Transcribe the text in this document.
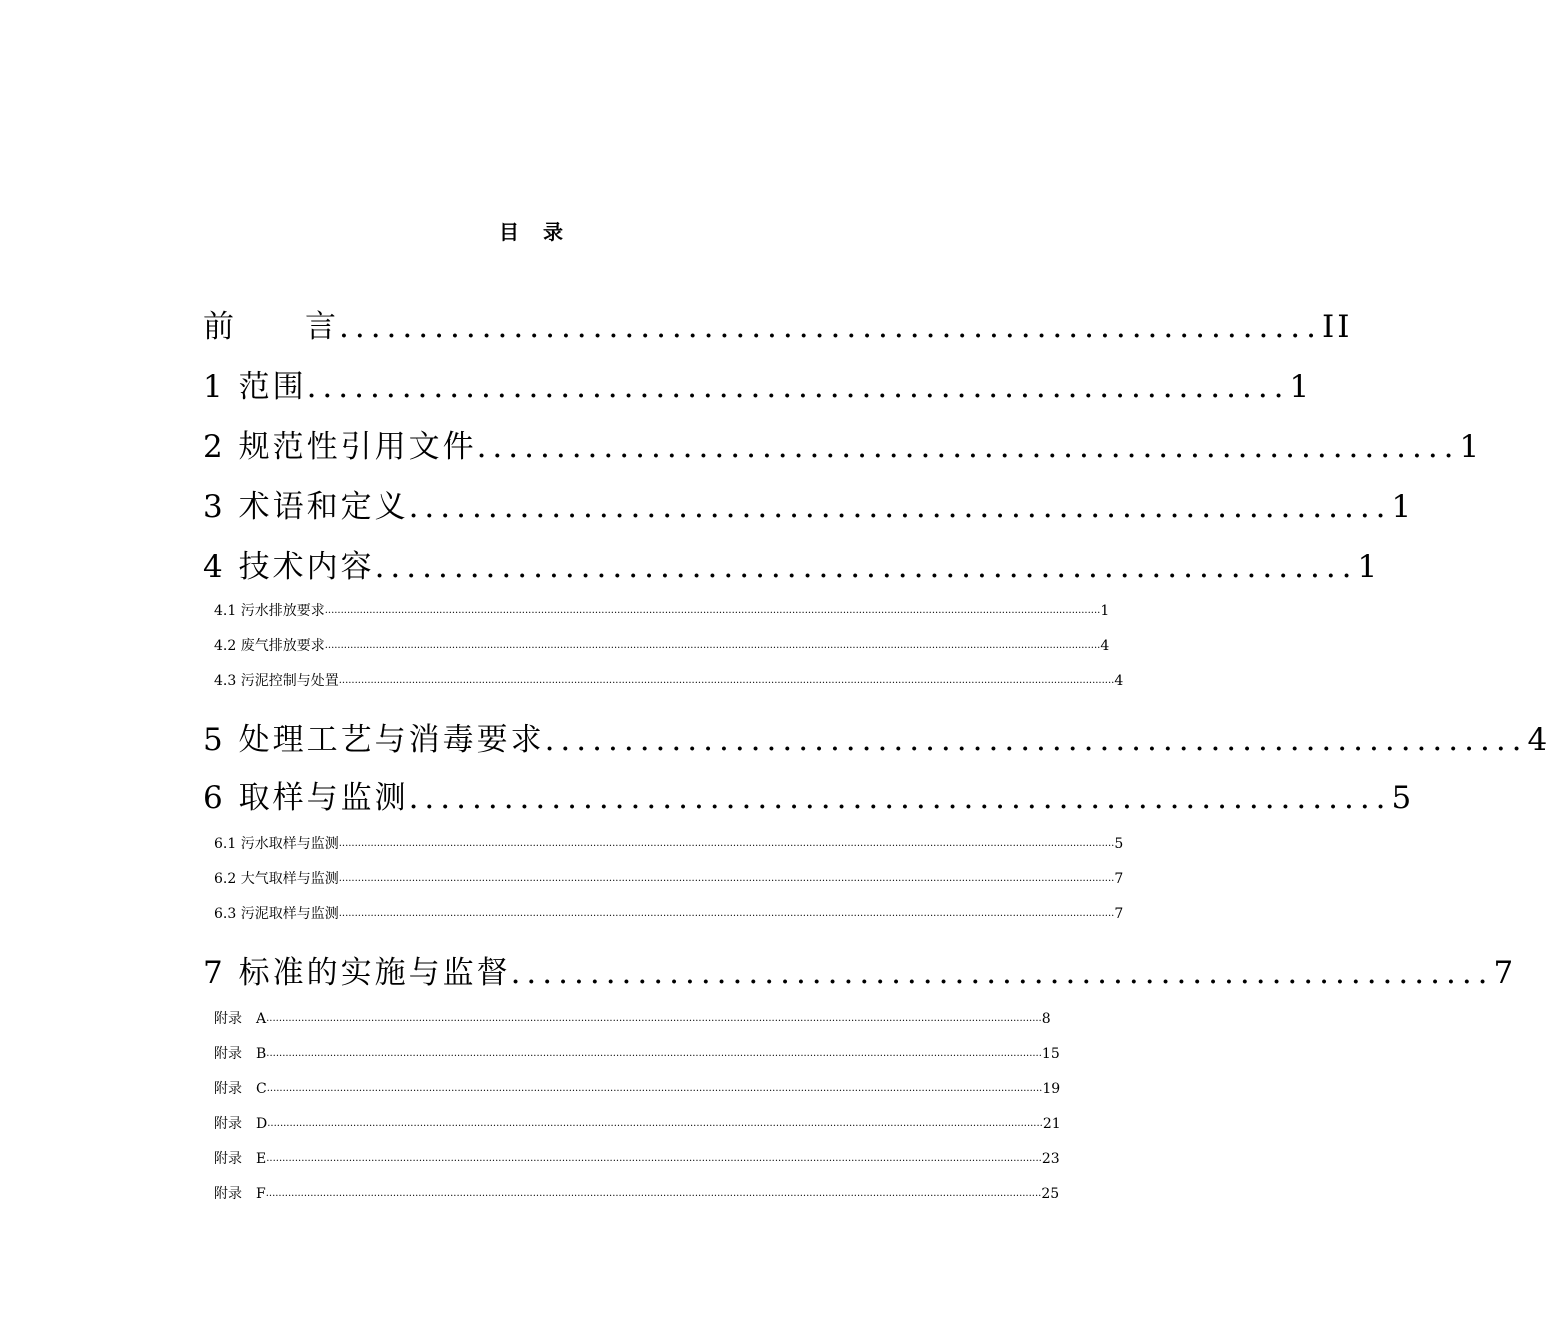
目　录
前　　言 .............................................................. II
1 范围 .............................................................. 1
2 规范性引用文件 .............................................................. 1
3 术语和定义 .............................................................. 1
4 技术内容 .............................................................. 1
4.1 污水排放要求 .................................................................................................................................................................................................................................................... 1
4.2 废气排放要求 .................................................................................................................................................................................................................................................... 4
4.3 污泥控制与处置 .................................................................................................................................................................................................................................................... 4
5 处理工艺与消毒要求 .............................................................. 4
6 取样与监测 .............................................................. 5
6.1 污水取样与监测 .................................................................................................................................................................................................................................................... 5
6.2 大气取样与监测 .................................................................................................................................................................................................................................................... 7
6.3 污泥取样与监测 .................................................................................................................................................................................................................................................... 7
7 标准的实施与监督 .............................................................. 7
附录　A .................................................................................................................................................................................................................................................... 8
附录　B .................................................................................................................................................................................................................................................... 15
附录　C .................................................................................................................................................................................................................................................... 19
附录　D .................................................................................................................................................................................................................................................... 21
附录　E .................................................................................................................................................................................................................................................... 23
附录　F .................................................................................................................................................................................................................................................... 25
